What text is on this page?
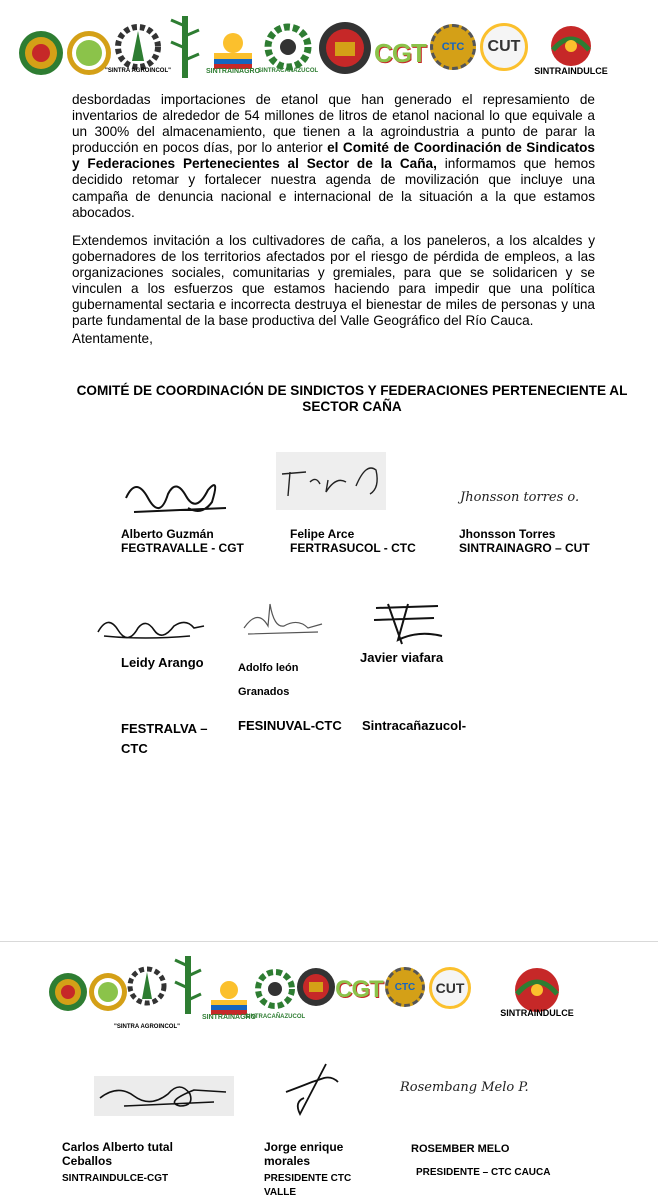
"SINTRA AGROINCOL"	SINTRAINAGRO
SINTRACAÑAZUCOL
CGT CTC CUT
SINTRAINDULCE

desbordadas importaciones de etanol que han generado el represamiento de inventarios de alrededor de 54 millones de litros de etanol nacional lo que equivale a un 300% del almacenamiento, que tienen a la agroindustria a punto de parar la producción en pocos días, por lo anterior el Comité de Coordinación de Sindicatos y Federaciones Pertenecientes al Sector de la Caña, informamos que hemos decidido retomar y fortalecer nuestra agenda de movilización que incluye una campaña de denuncia nacional e internacional de la situación a la que estamos abocados.

Extendemos invitación a los cultivadores de caña, a los paneleros, a los alcaldes y gobernadores de los territorios afectados por el riesgo de pérdida de empleos, a las organizaciones sociales, comunitarias y gremiales, para que se solidaricen y se vinculen a los esfuerzos que estamos haciendo para impedir que una política gubernamental sectaria e incorrecta destruya el bienestar de miles de personas y una parte fundamental de la base productiva del Valle Geográfico del Río Cauca.

Atentamente,
COMITÉ DE COORDINACIÓN DE SINDICTOS Y FEDERACIONES PERTENECIENTE AL SECTOR CAÑA
Alberto Guzmán
FEGTRAVALLE - CGT
Felipe Arce
FERTRASUCOL - CTC
Jhonsson torres o.
Jhonsson Torres
SINTRAINAGRO – CUT
Leidy Arango
FESTRALVA – CTC
Adolfo león
Granados
FESINUVAL-CTC
Javier viafara
Sintracañazucol-
"SINTRA AGROINCOL"
SINTRAINAGRO
SINTRACAÑAZUCOL
CGT CTC CUT
SINTRAINDULCE
Carlos Alberto tutal Ceballos
SINTRAINDULCE-CGT
Jorge enrique morales
PRESIDENTE CTC VALLE
Rosembang Melo P.
ROSEMBER MELO
PRESIDENTE – CTC CAUCA
